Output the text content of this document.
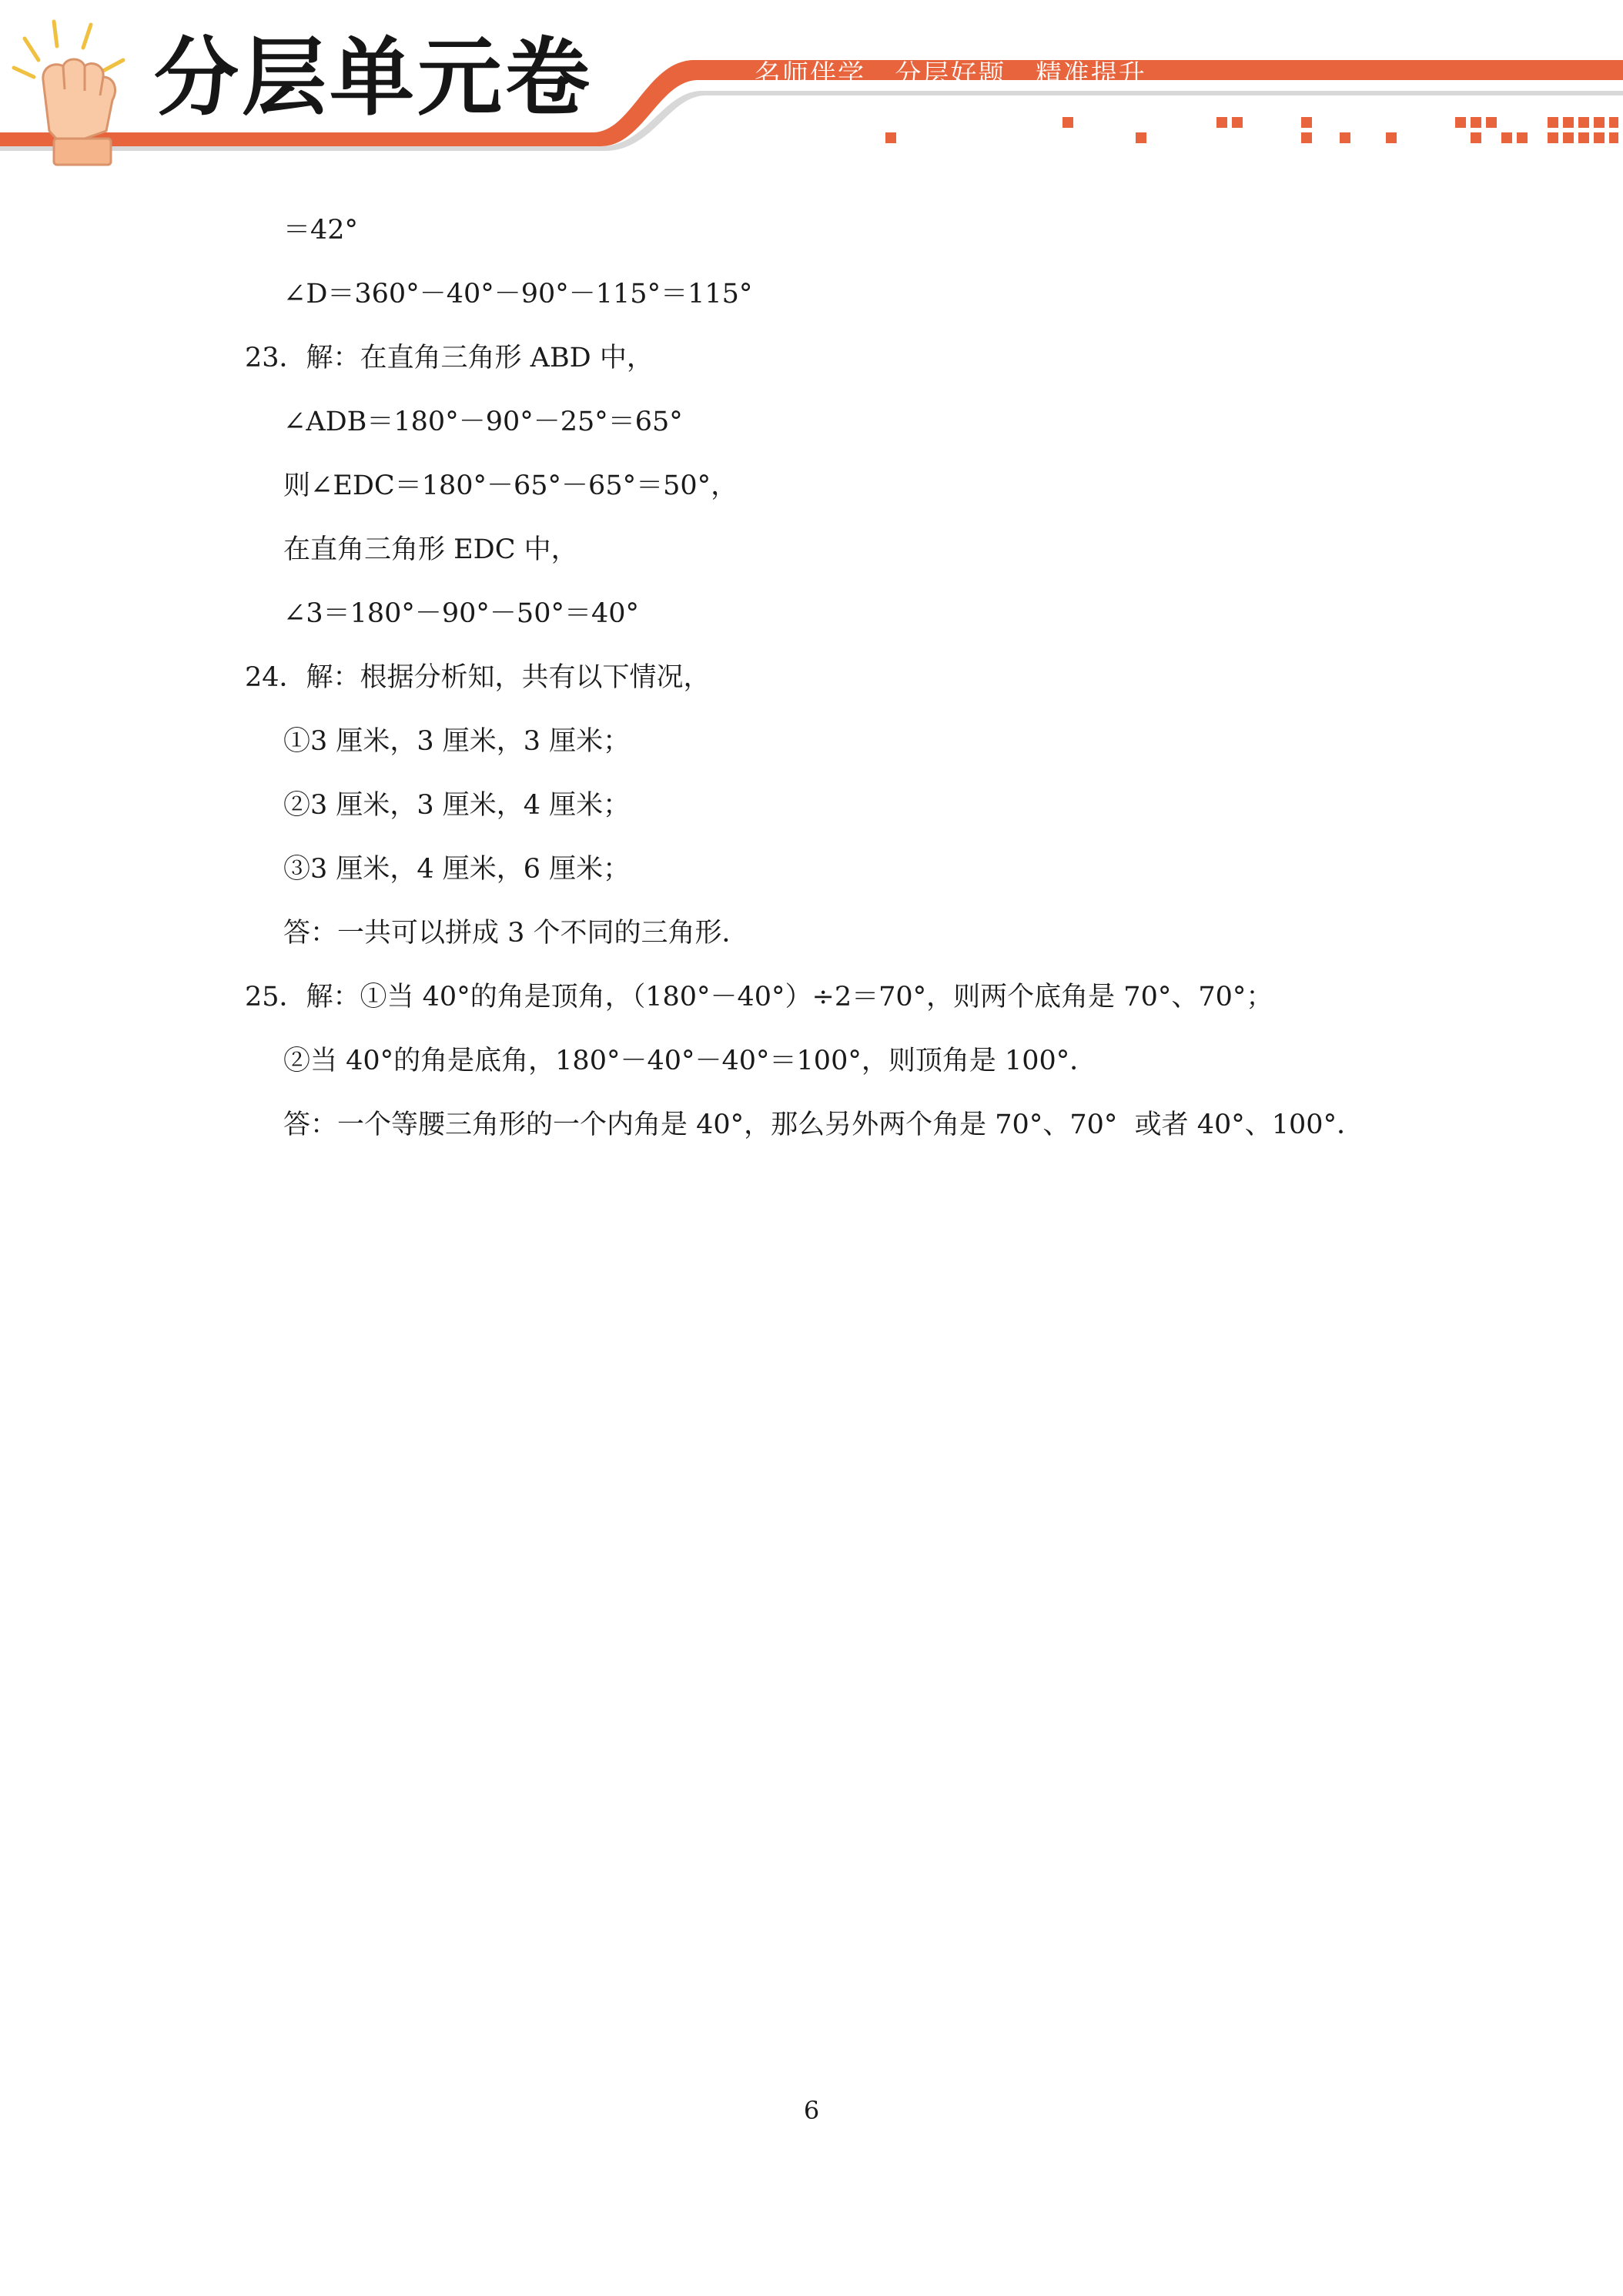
分层单元卷	名师伴学   分层好题   精准提升
＝42°
∠D＝360°－40°－90°－115°＝115°
23．解：在直角三角形 ABD 中，
∠ADB＝180°－90°－25°＝65°
则∠EDC＝180°－65°－65°＝50°，
在直角三角形 EDC 中，
∠3＝180°－90°－50°＝40°
24．解：根据分析知，共有以下情况，
①3 厘米，3 厘米，3 厘米；
②3 厘米，3 厘米，4 厘米；
③3 厘米，4 厘米，6 厘米；
答：一共可以拼成 3 个不同的三角形．
25．解：①当 40°的角是顶角，（180°－40°）÷2＝70°，则两个底角是 70°、70°；
②当 40°的角是底角，180°－40°－40°＝100°，则顶角是 100°．
答：一个等腰三角形的一个内角是 40°，那么另外两个角是 70°、70°  或者 40°、100°．
6
